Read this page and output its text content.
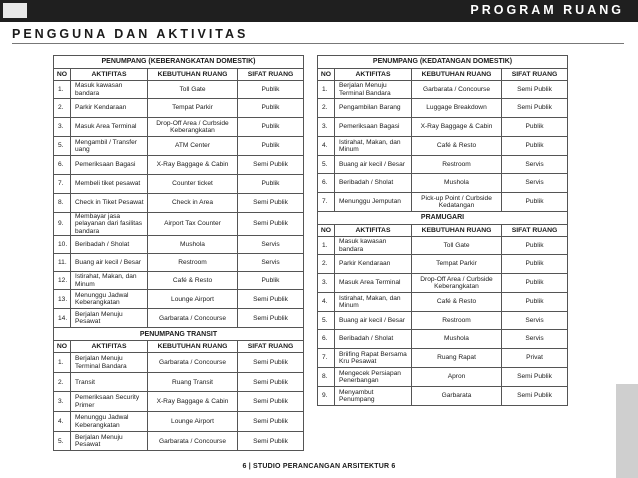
PROGRAM RUANG
PENGGUNA DAN AKTIVITAS
PENUMPANG (KEBERANGKATAN DOMESTIK)			
NO	AKTIFITAS	KEBUTUHAN RUANG	SIFAT RUANG
1.	Masuk kawasan bandara	Toll Gate	Publik
2.	Parkir Kendaraan	Tempat Parkir	Publik
3.	Masuk Area Terminal	Drop-Off Area / Curbside Keberangkatan	Publik
5.	Mengambil / Transfer uang	ATM Center	Publik
6.	Pemeriksaan Bagasi	X-Ray Baggage & Cabin	Semi Publik
7.	Membeli tiket pesawat	Counter ticket	Publik
8.	Check in Tiket Pesawat	Check in Area	Semi Publik
9.	Membayar jasa pelayanan dari fasilitas bandara	Airport Tax Counter	Semi Publik
10.	Beribadah / Sholat	Mushola	Servis
11.	Buang air kecil / Besar	Restroom	Servis
12.	Istirahat, Makan, dan Minum	Café & Resto	Publik
13.	Menunggu Jadwal Keberangkatan	Lounge Airport	Semi Publik
14.	Berjalan Menuju Pesawat	Garbarata / Concourse	Semi Publik
PENUMPANG TRANSIT			
NO	AKTIFITAS	KEBUTUHAN RUANG	SIFAT RUANG
1.	Berjalan Menuju Terminal Bandara	Garbarata / Concourse	Semi Publik
2.	Transit	Ruang Transit	Semi Publik
3.	Pemeriksaan Security Primer	X-Ray Baggage & Cabin	Semi Publik
4.	Menunggu Jadwal Keberangkatan	Lounge Airport	Semi Publik
5.	Berjalan Menuju Pesawat	Garbarata / Concourse	Semi Publik
PENUMPANG (KEDATANGAN DOMESTIK)			
NO	AKTIFITAS	KEBUTUHAN RUANG	SIFAT RUANG
1.	Berjalan Menuju Terminal Bandara	Garbarata / Concourse	Semi Publik
2.	Pengambilan Barang	Luggage Breakdown	Semi Publik
3.	Pemeriksaan Bagasi	X-Ray Baggage & Cabin	Publik
4.	Istirahat, Makan, dan Minum	Café & Resto	Publik
5.	Buang air kecil / Besar	Restroom	Servis
6.	Beribadah / Sholat	Mushola	Servis
7.	Menunggu Jemputan	Pick-up Point / Curbside Kedatangan	Publik
PRAMUGARI			
NO	AKTIFITAS	KEBUTUHAN RUANG	SIFAT RUANG
1.	Masuk kawasan bandara	Toll Gate	Publik
2.	Parkir Kendaraan	Tempat Parkir	Publik
3.	Masuk Area Terminal	Drop-Off Area / Curbside Keberangkatan	Publik
4.	Istirahat, Makan, dan Minum	Café & Resto	Publik
5.	Buang air kecil / Besar	Restroom	Servis
6.	Beribadah / Sholat	Mushola	Servis
7.	Briifing Rapat Bersama Kru Pesawat	Ruang Rapat	Privat
8.	Mengecek Persiapan Penerbangan	Apron	Semi Publik
9.	Menyambut Penumpang	Garbarata	Semi Publik
6 | STUDIO PERANCANGAN ARSITEKTUR 6
